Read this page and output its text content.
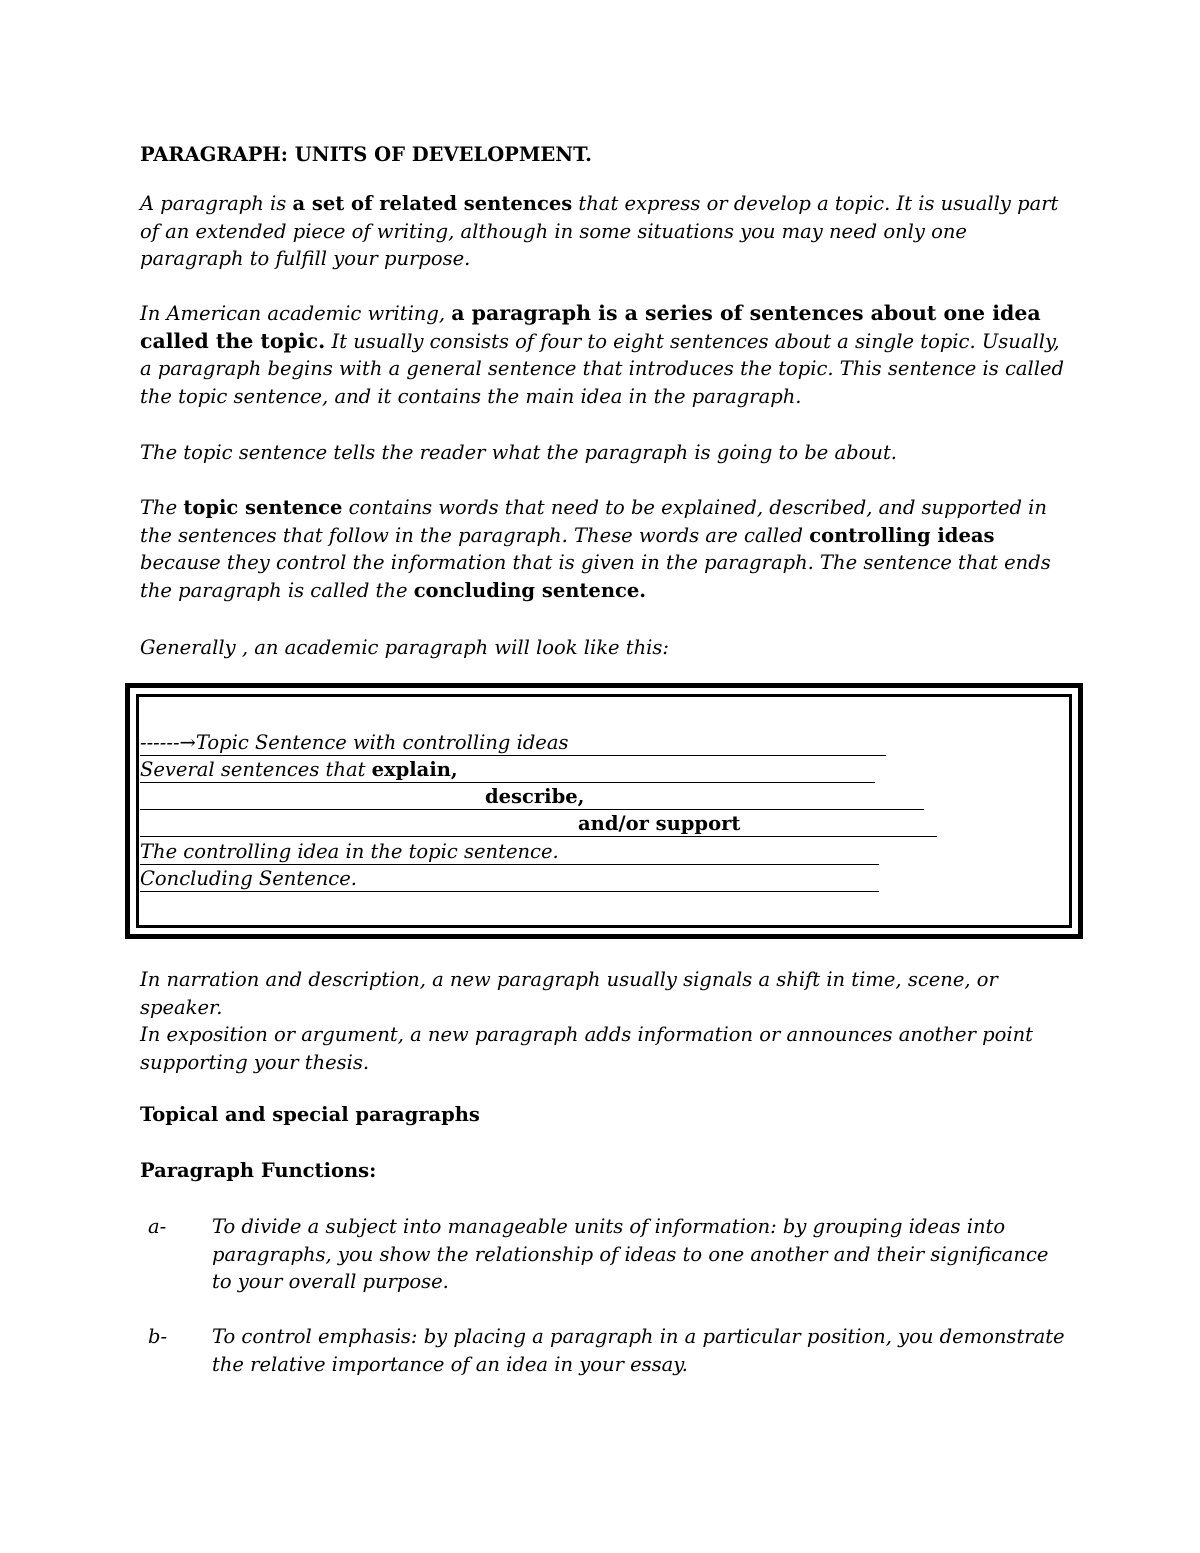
PARAGRAPH: UNITS OF DEVELOPMENT.

A paragraph is a set of related sentences that express or develop a topic. It is usually part of an extended piece of writing, although in some situations you may need only one paragraph to fulfill your purpose.

In American academic writing, a paragraph is a series of sentences about one idea called the topic. It usually consists of four to eight sentences about a single topic. Usually, a paragraph begins with a general sentence that introduces the topic. This sentence is called the topic sentence, and it contains the main idea in the paragraph.

The topic sentence tells the reader what the paragraph is going to be about.

The topic sentence contains words that need to be explained, described, and supported in the sentences that follow in the paragraph. These words are called controlling ideas because they control the information that is given in the paragraph. The sentence that ends the paragraph is called the concluding sentence.

Generally , an academic paragraph will look like this:

------→Topic Sentence with controlling ideas
Several sentences that explain,
describe,
and/or support
The controlling idea in the topic sentence.
Concluding Sentence.

In narration and description, a new paragraph usually signals a shift in time, scene, or speaker.

In exposition or argument, a new paragraph adds information or announces another point supporting your thesis.

Topical and special paragraphs
Paragraph Functions:
a- To divide a subject into manageable units of information: by grouping ideas into paragraphs, you show the relationship of ideas to one another and their significance to your overall purpose.
b- To control emphasis: by placing a paragraph in a particular position, you demonstrate the relative importance of an idea in your essay.
